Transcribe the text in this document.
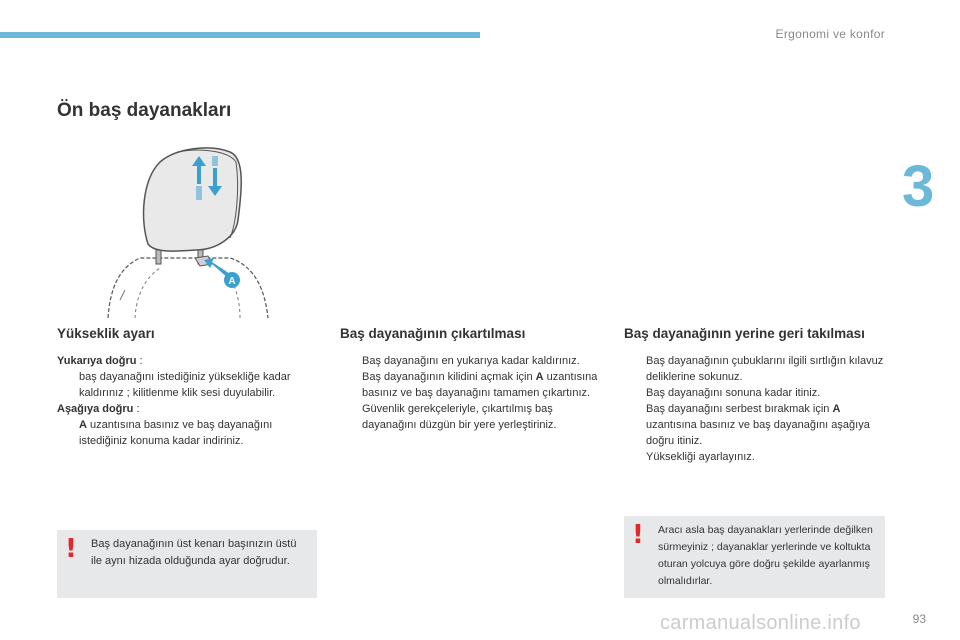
Ergonomi ve konfor
3
Ön baş dayanakları
A
Yükseklik ayarı

Yukarıya doğru :

baş dayanağını istediğiniz yüksekliğe kadar kaldırınız ; kilitlenme klik sesi duyulabilir.

Aşağıya doğru :

A uzantısına basınız ve baş dayanağını istediğiniz konuma kadar indiriniz.
Baş dayanağının çıkartılması
Baş dayanağını en yukarıya kadar kaldırınız.
Baş dayanağının kilidini açmak için A uzantısına basınız ve baş dayanağını tamamen çıkartınız.
Güvenlik gerekçeleriyle, çıkartılmış baş dayanağını düzgün bir yere yerleştiriniz.
Baş dayanağının yerine geri takılması
Baş dayanağının çubuklarını ilgili sırtlığın kılavuz deliklerine sokunuz.
Baş dayanağını sonuna kadar itiniz.
Baş dayanağını serbest bırakmak için A uzantısına basınız ve baş dayanağını aşağıya doğru itiniz.
Yüksekliği ayarlayınız.
! Baş dayanağının üst kenarı başınızın üstü ile aynı hizada olduğunda ayar doğrudur.
! Aracı asla baş dayanakları yerlerinde değilken sürmeyiniz ; dayanaklar yerlerinde ve koltukta oturan yolcuya göre doğru şekilde ayarlanmış olmalıdırlar.
carmanualsonline.info	93
